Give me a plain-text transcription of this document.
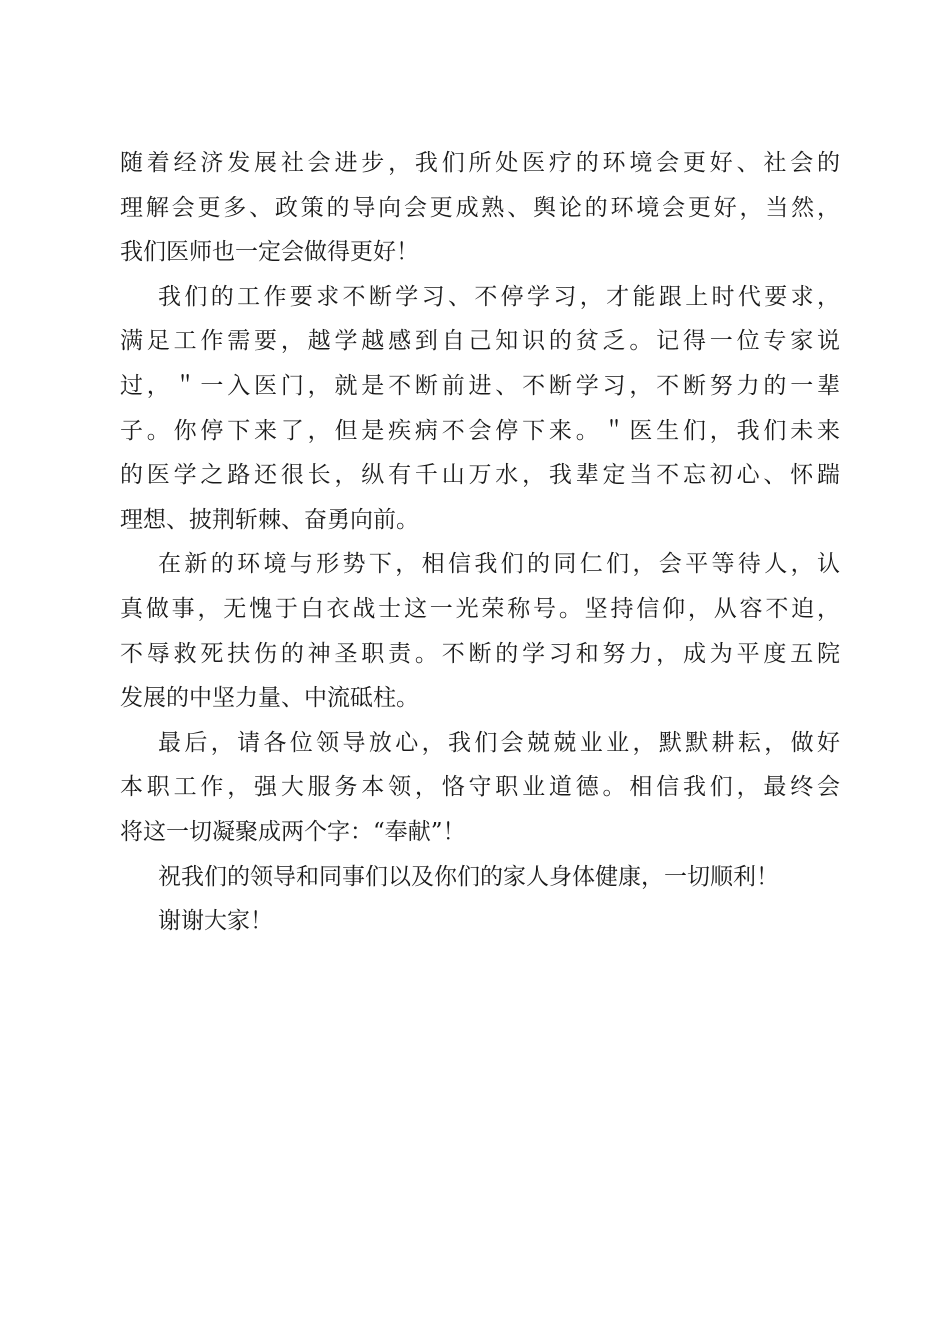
随着经济发展社会进步，我们所处医疗的环境会更好、社会的
理解会更多、政策的导向会更成熟、舆论的环境会更好，当然，
我们医师也一定会做得更好！
我们的工作要求不断学习、不停学习，才能跟上时代要求，
满足工作需要，越学越感到自己知识的贫乏。记得一位专家说
过，＂一入医门，就是不断前进、不断学习，不断努力的一辈
子。你停下来了，但是疾病不会停下来。＂医生们，我们未来
的医学之路还很长，纵有千山万水，我辈定当不忘初心、怀踹
理想、披荆斩棘、奋勇向前。
在新的环境与形势下，相信我们的同仁们，会平等待人，认
真做事，无愧于白衣战士这一光荣称号。坚持信仰，从容不迫，
不辱救死扶伤的神圣职责。不断的学习和努力，成为平度五院
发展的中坚力量、中流砥柱。
最后，请各位领导放心，我们会兢兢业业，默默耕耘，做好
本职工作，强大服务本领，恪守职业道德。相信我们，最终会
将这一切凝聚成两个字：“奉献”！
祝我们的领导和同事们以及你们的家人身体健康，一切顺利！
谢谢大家！
